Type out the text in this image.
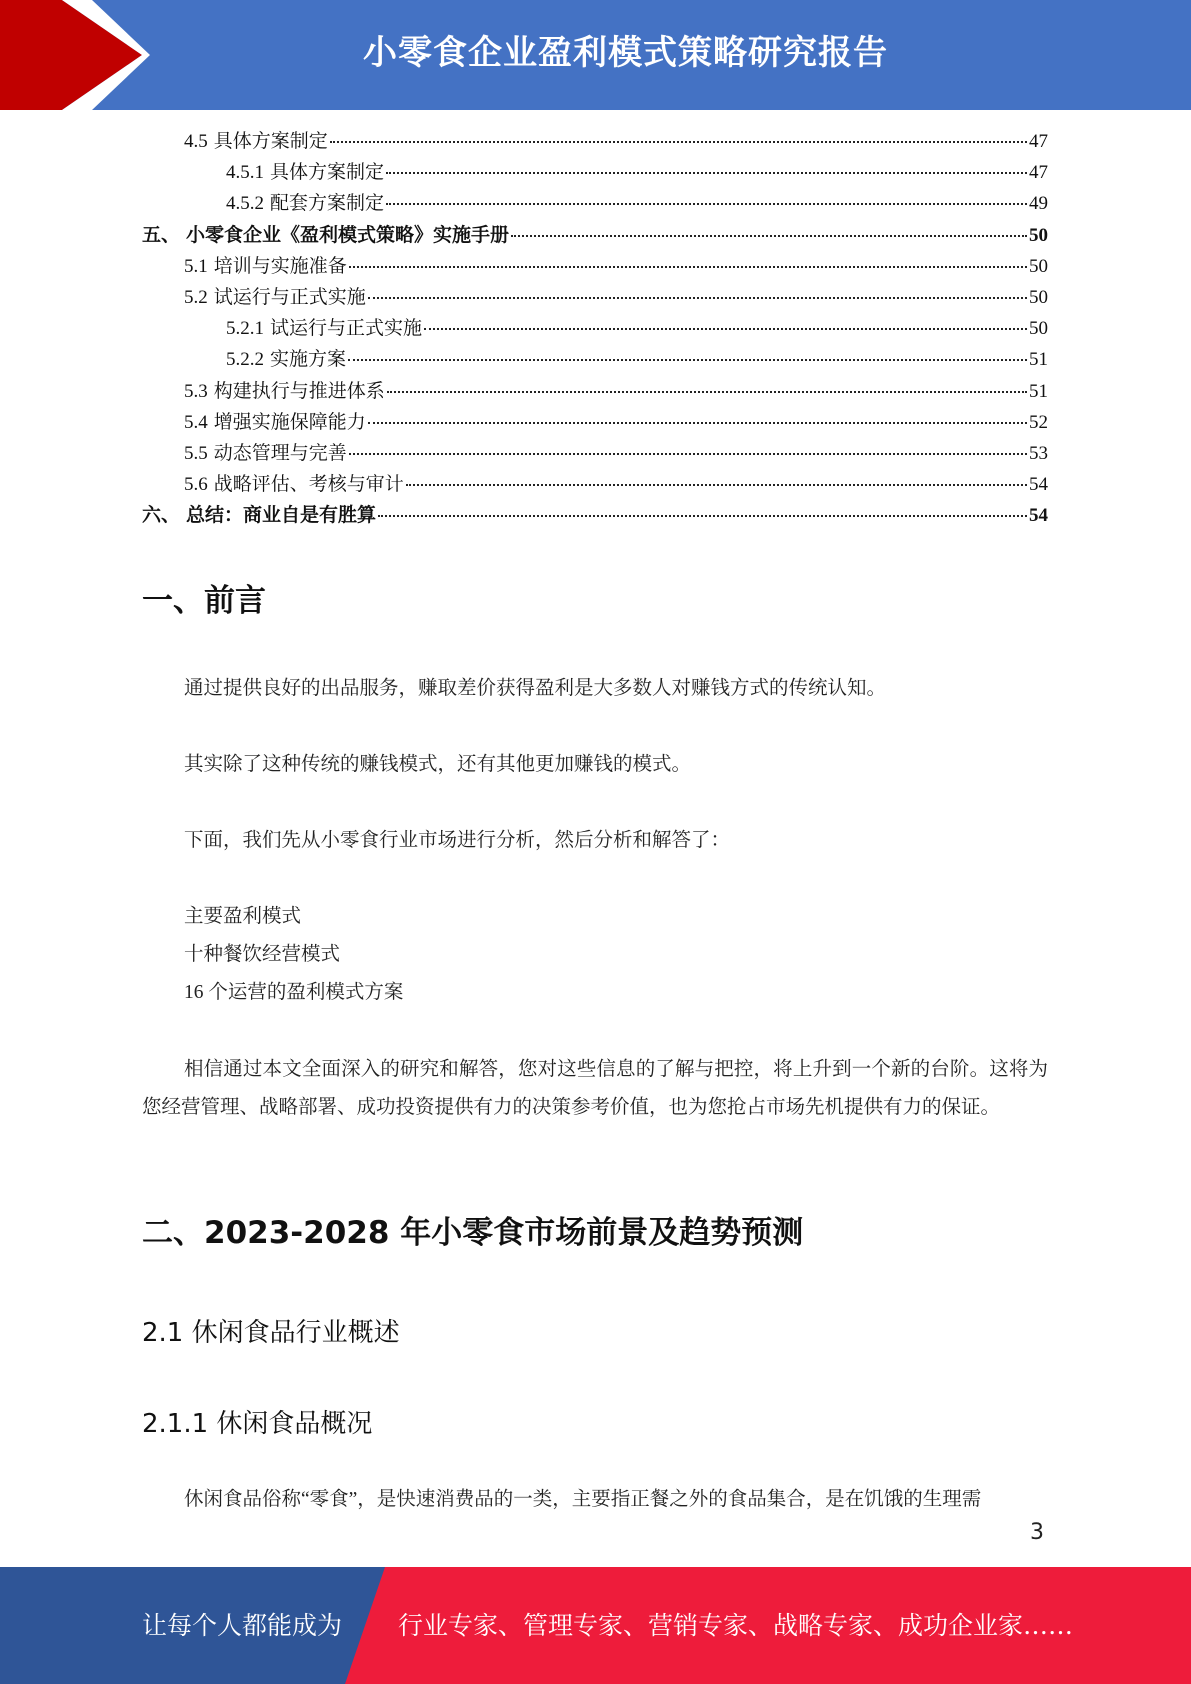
小零食企业盈利模式策略研究报告
4.5 具体方案制定	47
4.5.1 具体方案制定	47
4.5.2 配套方案制定	49
五、 小零食企业《盈利模式策略》实施手册	50
5.1 培训与实施准备	50
5.2 试运行与正式实施	50
5.2.1 试运行与正式实施	50
5.2.2 实施方案	51
5.3 构建执行与推进体系	51
5.4 增强实施保障能力	52
5.5 动态管理与完善	53
5.6 战略评估、考核与审计	54
六、 总结：商业自是有胜算	54
一、前言
通过提供良好的出品服务，赚取差价获得盈利是大多数人对赚钱方式的传统认知。
其实除了这种传统的赚钱模式，还有其他更加赚钱的模式。
下面，我们先从小零食行业市场进行分析，然后分析和解答了：
主要盈利模式
十种餐饮经营模式
16 个运营的盈利模式方案
相信通过本文全面深入的研究和解答，您对这些信息的了解与把控，将上升到一个新的台阶。这将为您经营管理、战略部署、成功投资提供有力的决策参考价值，也为您抢占市场先机提供有力的保证。
二、2023-2028 年小零食市场前景及趋势预测
2.1 休闲食品行业概述
2.1.1 休闲食品概况
休闲食品俗称“零食”，是快速消费品的一类，主要指正餐之外的食品集合，是在饥饿的生理需
3
让每个人都能成为 行业专家、管理专家、营销专家、战略专家、成功企业家……
